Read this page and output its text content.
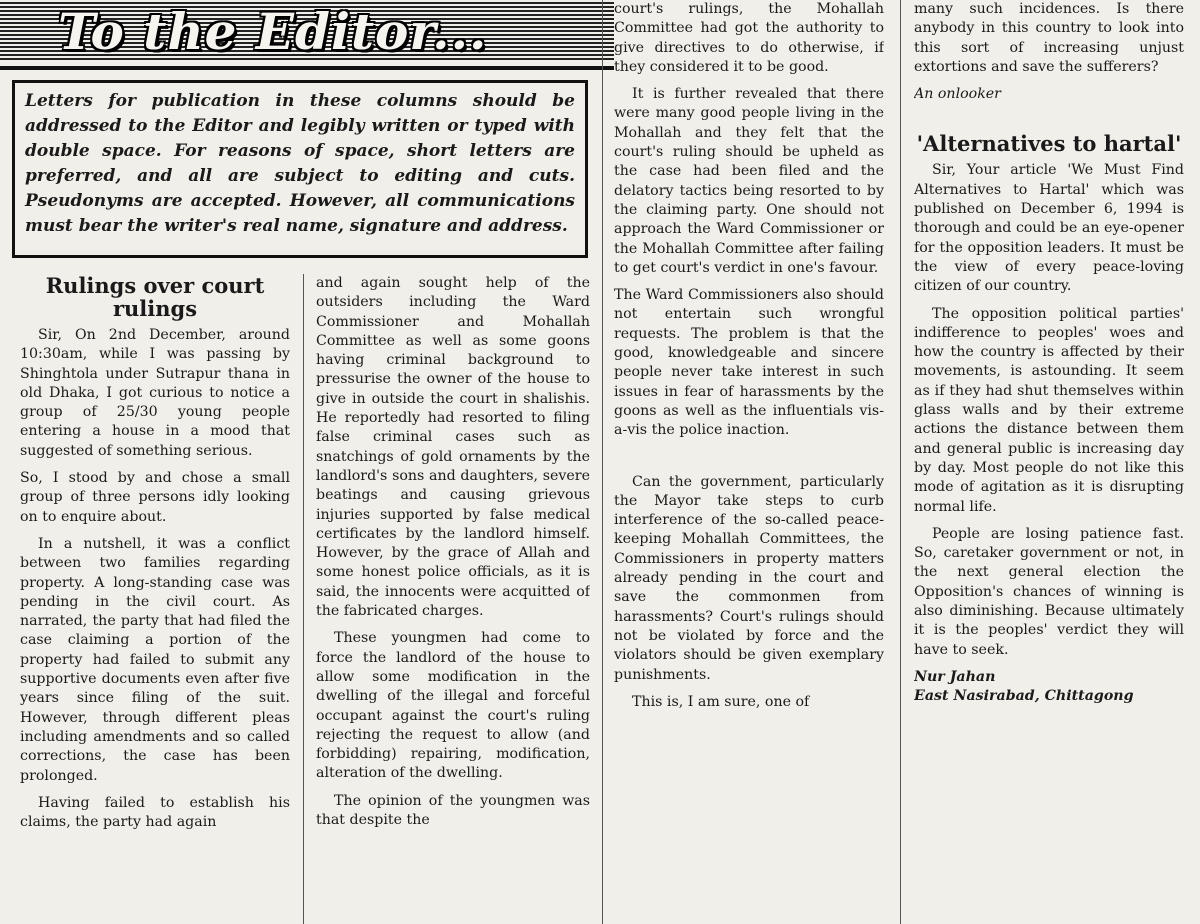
To the Editor...
Letters for publication in these columns should be addressed to the Editor and legibly written or typed with double space. For reasons of space, short letters are preferred, and all are subject to editing and cuts. Pseudonyms are accepted. However, all communications must bear the writer's real name, signature and address.
Rulings over court rulings

Sir, On 2nd December, around 10:30am, while I was passing by Shinghtola under Sutrapur thana in old Dhaka, I got curious to notice a group of 25/30 young people entering a house in a mood that suggested of something serious.

So, I stood by and chose a small group of three persons idly looking on to enquire about.

In a nutshell, it was a conflict between two families regarding property. A long-standing case was pending in the civil court. As narrated, the party that had filed the case claiming a portion of the property had failed to submit any supportive documents even after five years since filing of the suit. However, through different pleas including amendments and so called corrections, the case has been prolonged.

Having failed to establish his claims, the party had again

and again sought help of the outsiders including the Ward Commissioner and Mohallah Committee as well as some goons having criminal background to pressurise the owner of the house to give in outside the court in shalishis. He reportedly had resorted to filing false criminal cases such as snatchings of gold ornaments by the landlord's sons and daughters, severe beatings and causing grievous injuries supported by false medical certificates by the landlord himself. However, by the grace of Allah and some honest police officials, as it is said, the innocents were acquitted of the fabricated charges.

These youngmen had come to force the landlord of the house to allow some modification in the dwelling of the illegal and forceful occupant against the court's ruling rejecting the request to allow (and forbidding) repairing, modification, alteration of the dwelling.

The opinion of the youngmen was that despite the

court's rulings, the Mohallah Committee had got the authority to give directives to do otherwise, if they considered it to be good.

It is further revealed that there were many good people living in the Mohallah and they felt that the court's ruling should be upheld as the case had been filed and the delatory tactics being resorted to by the claiming party. One should not approach the Ward Commissioner or the Mohallah Committee after failing to get court's verdict in one's favour.

The Ward Commissioners also should not entertain such wrongful requests. The problem is that the good, knowledgeable and sincere people never take interest in such issues in fear of harassments by the goons as well as the influentials vis-a-vis the police inaction.

Can the government, particularly the Mayor take steps to curb interference of the so-called peace-keeping Mohallah Committees, the Commissioners in property matters already pending in the court and save the commonmen from harassments? Court's rulings should not be violated by force and the violators should be given exemplary punishments.

This is, I am sure, one of

many such incidences. Is there anybody in this country to look into this sort of increasing unjust extortions and save the sufferers?

An onlooker

'Alternatives to hartal'

Sir, Your article 'We Must Find Alternatives to Hartal' which was published on December 6, 1994 is thorough and could be an eye-opener for the opposition leaders. It must be the view of every peace-loving citizen of our country.

The opposition political parties' indifference to peoples' woes and how the country is affected by their movements, is astounding. It seem as if they had shut themselves within glass walls and by their extreme actions the distance between them and general public is increasing day by day. Most people do not like this mode of agitation as it is disrupting normal life.

People are losing patience fast. So, caretaker government or not, in the next general election the Opposition's chances of winning is also diminishing. Because ultimately it is the peoples' verdict they will have to seek.

Nur Jahan

East Nasirabad, Chittagong
